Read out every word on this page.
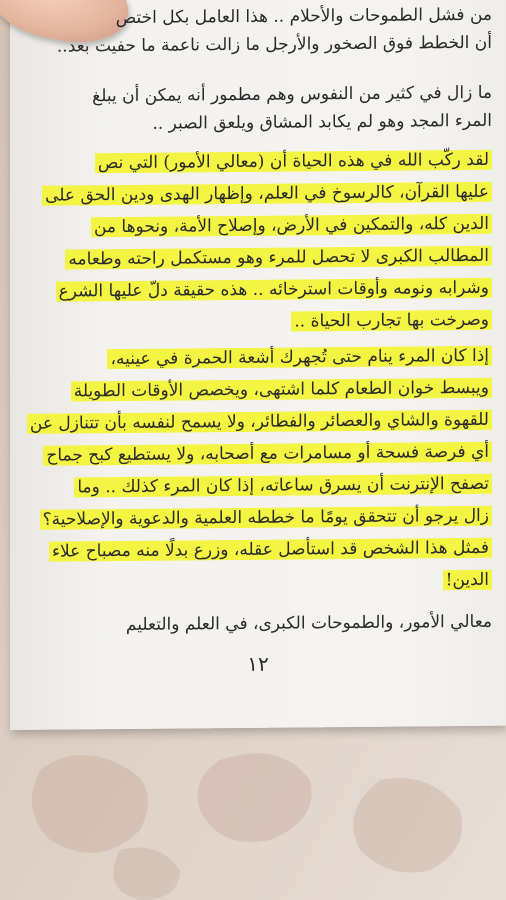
من فشل الطموحات والأحلام .. هذا العامل بكل اختص
أن الخطط فوق الصخور والأرجل ما زالت ناعمة ما حفيت بعد..
ما زال في كثير من النفوس وهم مطمور أنه يمكن أن يبلغ
المرء المجد وهو لم يكابد المشاق ويلعق الصبر ..
لقد ركّب الله في هذه الحياة أن (معالي الأمور) التي نص
عليها القرآن، كالرسوخ في العلم، وإظهار الهدى ودين الحق على
الدين كله، والتمكين في الأرض، وإصلاح الأمة، ونحوها من
المطالب الكبرى لا تحصل للمرء وهو مستكمل راحته وطعامه
وشرابه ونومه وأوقات استرخائه .. هذه حقيقة دلّ عليها الشرع
وصرخت بها تجارب الحياة ..
إذا كان المرء ينام حتى تُجهرك أشعة الحمرة في عينيه،
ويبسط خوان الطعام كلما اشتهى، ويخصص الأوقات الطويلة
للقهوة والشاي والعصائر والفطائر، ولا يسمح لنفسه بأن تتنازل عن
أي فرصة فسحة أو مسامرات مع أصحابه، ولا يستطيع كبح جماح
تصفح الإنترنت أن يسرق ساعاته، إذا كان المرء كذلك .. وما
زال يرجو أن تتحقق يومًا ما خططه العلمية والدعوية والإصلاحية؟
فمثل هذا الشخص قد استأصل عقله، وزرع بدلًا منه مصباح علاء
الدين!
معالي الأمور، والطموحات الكبرى، في العلم والتعليم
١٢
